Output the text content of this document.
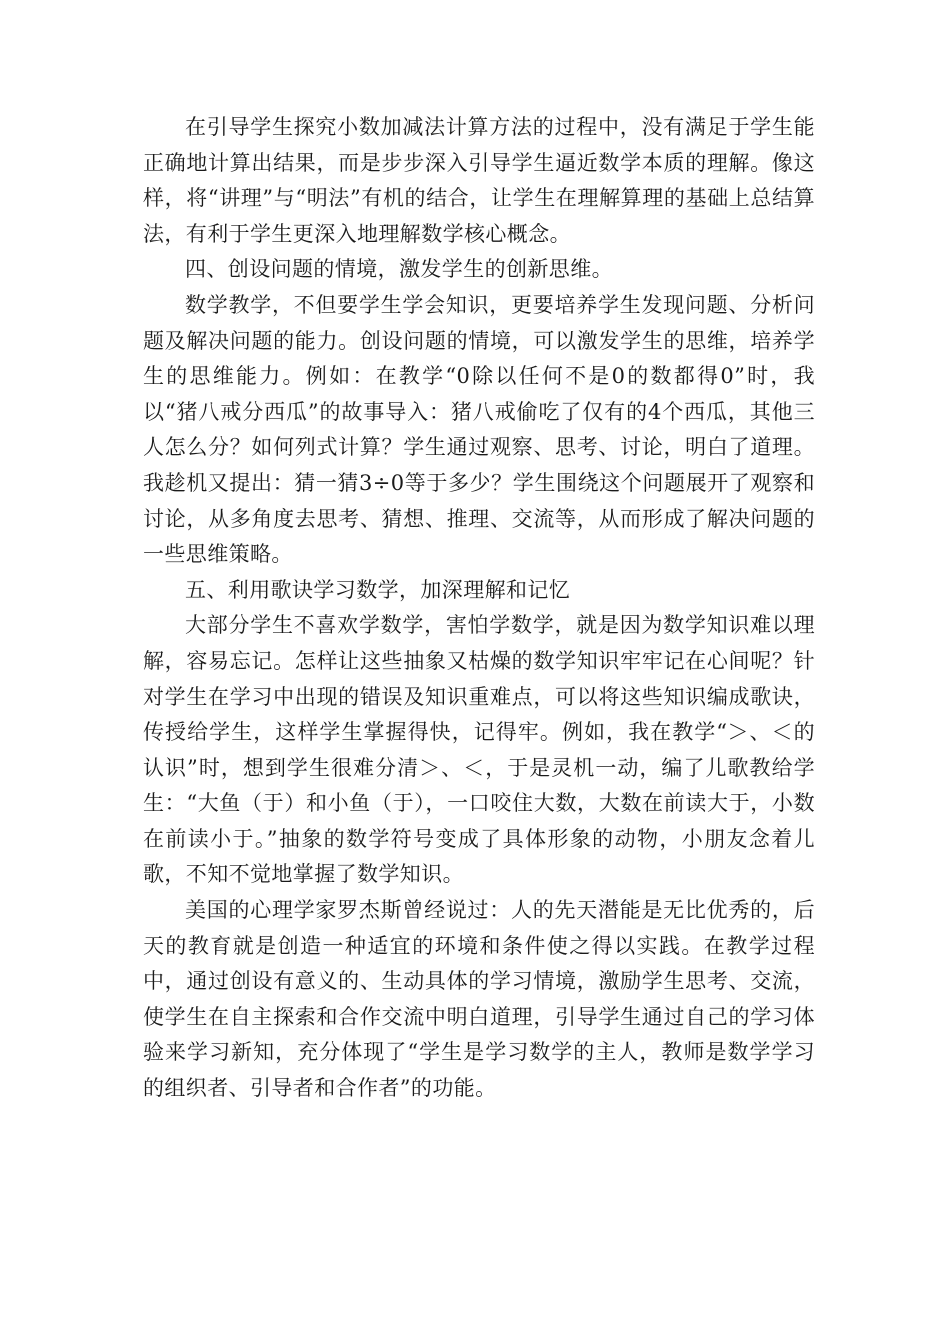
在引导学生探究小数加减法计算方法的过程中，没有满足于学生能正确地计算出结果，而是步步深入引导学生逼近数学本质的理解。像这样，将“讲理”与“明法”有机的结合，让学生在理解算理的基础上总结算法，有利于学生更深入地理解数学核心概念。

四、创设问题的情境，激发学生的创新思维。

数学教学，不但要学生学会知识，更要培养学生发现问题、分析问题及解决问题的能力。创设问题的情境，可以激发学生的思维，培养学生的思维能力。例如：在教学“0除以任何不是0的数都得0”时，我以“猪八戒分西瓜”的故事导入：猪八戒偷吃了仅有的4个西瓜，其他三人怎么分？如何列式计算？学生通过观察、思考、讨论，明白了道理。我趁机又提出：猜一猜3÷0等于多少？学生围绕这个问题展开了观察和讨论，从多角度去思考、猜想、推理、交流等，从而形成了解决问题的一些思维策略。

五、利用歌诀学习数学，加深理解和记忆

大部分学生不喜欢学数学，害怕学数学，就是因为数学知识难以理解，容易忘记。怎样让这些抽象又枯燥的数学知识牢牢记在心间呢？针对学生在学习中出现的错误及知识重难点，可以将这些知识编成歌诀，传授给学生，这样学生掌握得快，记得牢。例如，我在教学“＞、＜的认识”时，想到学生很难分清＞、＜，于是灵机一动，编了儿歌教给学生：“大鱼（于）和小鱼（于），一口咬住大数，大数在前读大于，小数在前读小于。”抽象的数学符号变成了具体形象的动物，小朋友念着儿歌，不知不觉地掌握了数学知识。

美国的心理学家罗杰斯曾经说过：人的先天潜能是无比优秀的，后天的教育就是创造一种适宜的环境和条件使之得以实践。在教学过程中，通过创设有意义的、生动具体的学习情境，激励学生思考、交流，使学生在自主探索和合作交流中明白道理，引导学生通过自己的学习体验来学习新知，充分体现了“学生是学习数学的主人，教师是数学学习的组织者、引导者和合作者”的功能。
